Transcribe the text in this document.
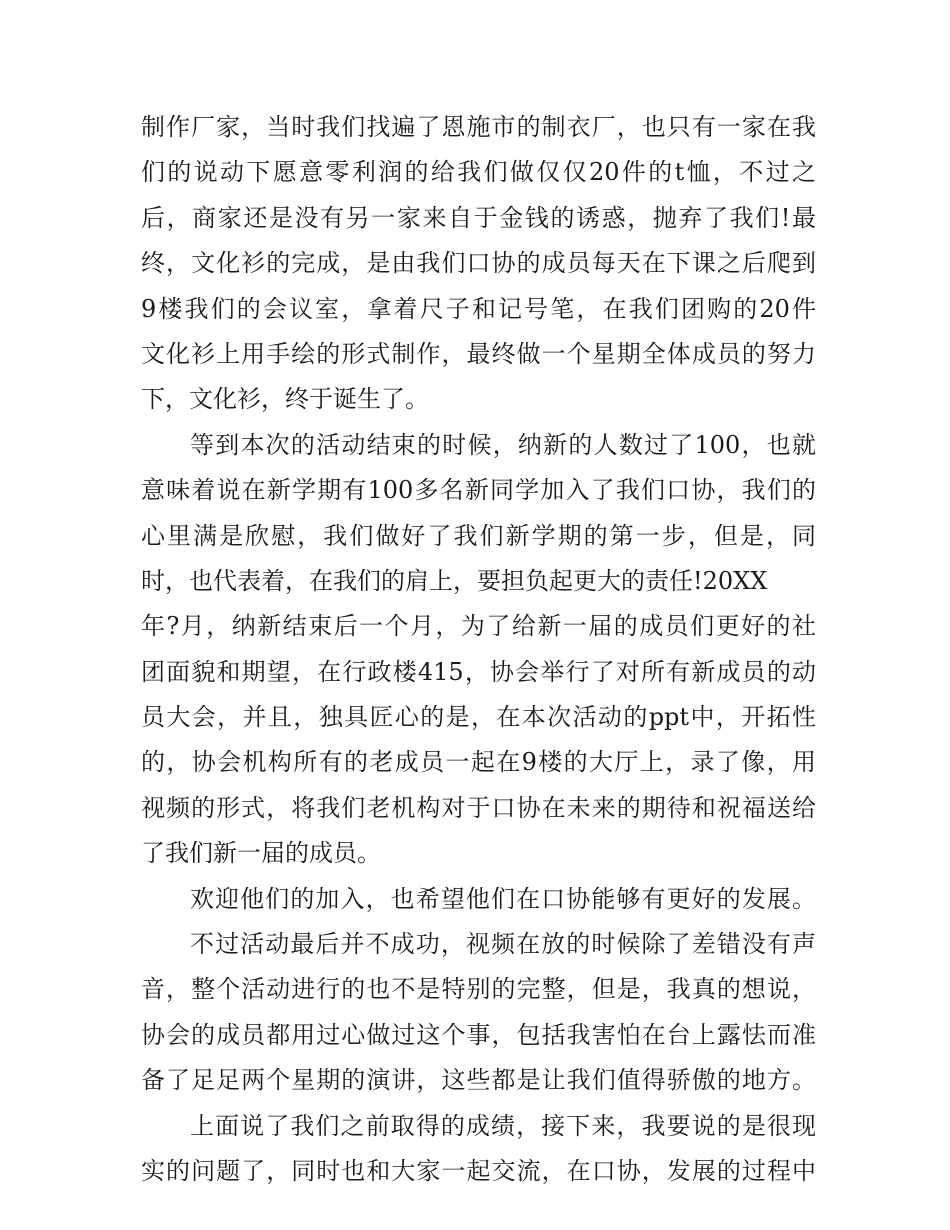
制作厂家，当时我们找遍了恩施市的制衣厂，也只有一家在我
们的说动下愿意零利润的给我们做仅仅20件的t恤，不过之
后，商家还是没有另一家来自于金钱的诱惑，抛弃了我们!最
终，文化衫的完成，是由我们口协的成员每天在下课之后爬到
9楼我们的会议室，拿着尺子和记号笔，在我们团购的20件
文化衫上用手绘的形式制作，最终做一个星期全体成员的努力
下，文化衫，终于诞生了。
等到本次的活动结束的时候，纳新的人数过了100，也就
意味着说在新学期有100多名新同学加入了我们口协，我们的
心里满是欣慰，我们做好了我们新学期的第一步，但是，同
时，也代表着，在我们的肩上，要担负起更大的责任!20XX
年?月，纳新结束后一个月，为了给新一届的成员们更好的社
团面貌和期望，在行政楼415，协会举行了对所有新成员的动
员大会，并且，独具匠心的是，在本次活动的ppt中，开拓性
的，协会机构所有的老成员一起在9楼的大厅上，录了像，用
视频的形式，将我们老机构对于口协在未来的期待和祝福送给
了我们新一届的成员。
欢迎他们的加入，也希望他们在口协能够有更好的发展。
不过活动最后并不成功，视频在放的时候除了差错没有声
音，整个活动进行的也不是特别的完整，但是，我真的想说，
协会的成员都用过心做过这个事，包括我害怕在台上露怯而准
备了足足两个星期的演讲，这些都是让我们值得骄傲的地方。
上面说了我们之前取得的成绩，接下来，我要说的是很现
实的问题了，同时也和大家一起交流，在口协，发展的过程中
